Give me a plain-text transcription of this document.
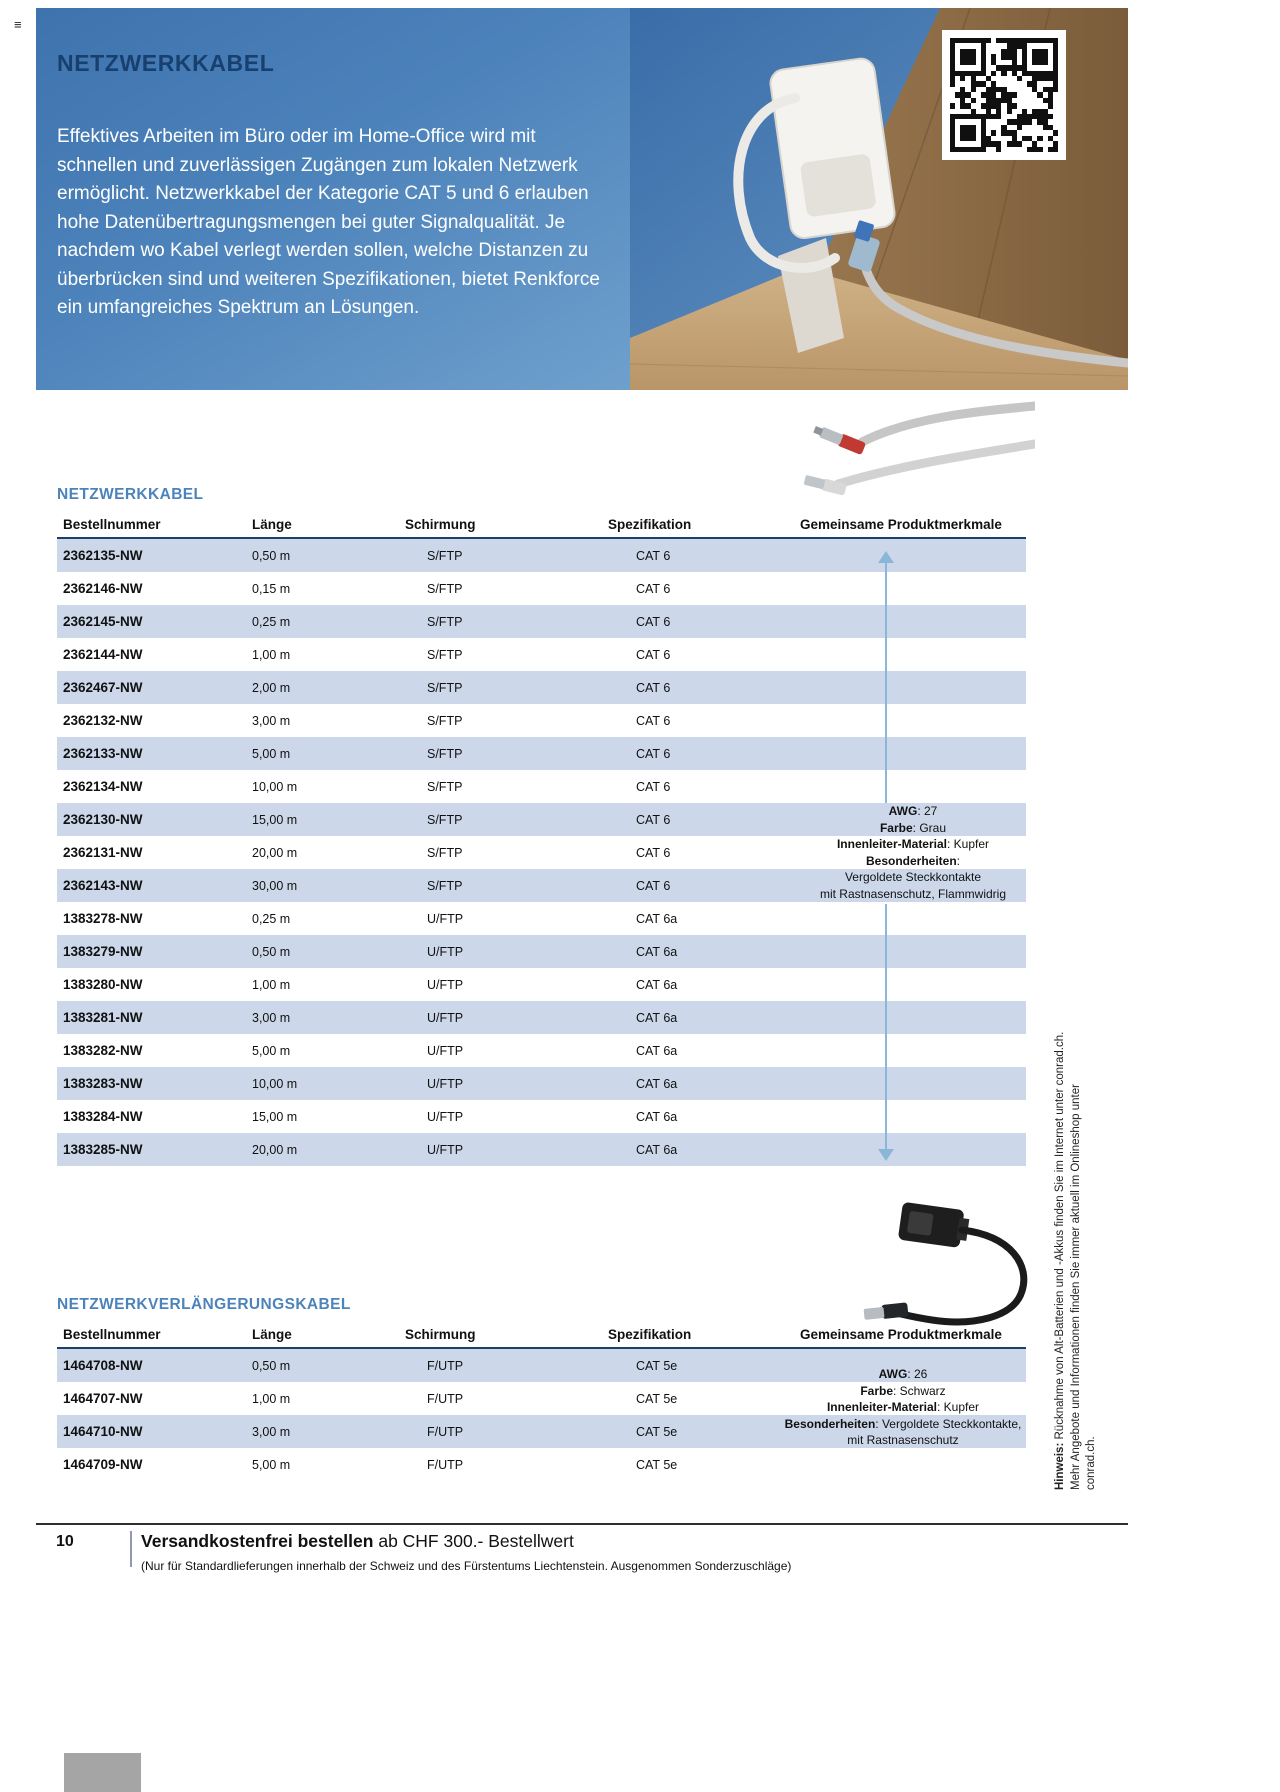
≡
NETZWERKKABEL
Effektives Arbeiten im Büro oder im Home-Office wird mit schnellen und zuverlässigen Zugängen zum lokalen Netzwerk ermöglicht. Netzwerkkabel der Kategorie CAT 5 und 6 erlauben hohe Datenübertragungsmengen bei guter Signalqualität. Je nachdem wo Kabel verlegt werden sollen, welche Distanzen zu überbrücken sind und weiteren Spezifikationen, bietet Renkforce ein umfangreiches Spektrum an Lösungen.
NETZWERKKABEL
Bestellnummer	Länge	Schirmung	Spezifikation	Gemeinsame Produktmerkmale
2362135-NW	0,50 m	S/FTP	CAT 6
2362146-NW	0,15 m	S/FTP	CAT 6
2362145-NW	0,25 m	S/FTP	CAT 6
2362144-NW	1,00 m	S/FTP	CAT 6
2362467-NW	2,00 m	S/FTP	CAT 6
2362132-NW	3,00 m	S/FTP	CAT 6
2362133-NW	5,00 m	S/FTP	CAT 6
2362134-NW	10,00 m	S/FTP	CAT 6
2362130-NW	15,00 m	S/FTP	CAT 6
2362131-NW	20,00 m	S/FTP	CAT 6
2362143-NW	30,00 m	S/FTP	CAT 6
1383278-NW	0,25 m	U/FTP	CAT 6a
1383279-NW	0,50 m	U/FTP	CAT 6a
1383280-NW	1,00 m	U/FTP	CAT 6a
1383281-NW	3,00 m	U/FTP	CAT 6a
1383282-NW	5,00 m	U/FTP	CAT 6a
1383283-NW	10,00 m	U/FTP	CAT 6a
1383284-NW	15,00 m	U/FTP	CAT 6a
1383285-NW	20,00 m	U/FTP	CAT 6a
AWG: 27
Farbe: Grau
Innenleiter-Material: Kupfer
Besonderheiten:
Vergoldete Steckkontakte
mit Rastnasenschutz, Flammwidrig
NETZWERKVERLÄNGERUNGSKABEL
Bestellnummer	Länge	Schirmung	Spezifikation	Gemeinsame Produktmerkmale
1464708-NW	0,50 m	F/UTP	CAT 5e
1464707-NW	1,00 m	F/UTP	CAT 5e
1464710-NW	3,00 m	F/UTP	CAT 5e
1464709-NW	5,00 m	F/UTP	CAT 5e
AWG: 26
Farbe: Schwarz
Innenleiter-Material: Kupfer
Besonderheiten: Vergoldete Steckkontakte,
mit Rastnasenschutz
Hinweis: Rücknahme von Alt-Batterien und -Akkus finden Sie im Internet unter conrad.ch. Mehr Angebote und Informationen finden Sie immer aktuell im Onlineshop unter conrad.ch.
10	Versandkostenfrei bestellen ab CHF 300.- Bestellwert
(Nur für Standardlieferungen innerhalb der Schweiz und des Fürstentums Liechtenstein. Ausgenommen Sonderzuschläge)
